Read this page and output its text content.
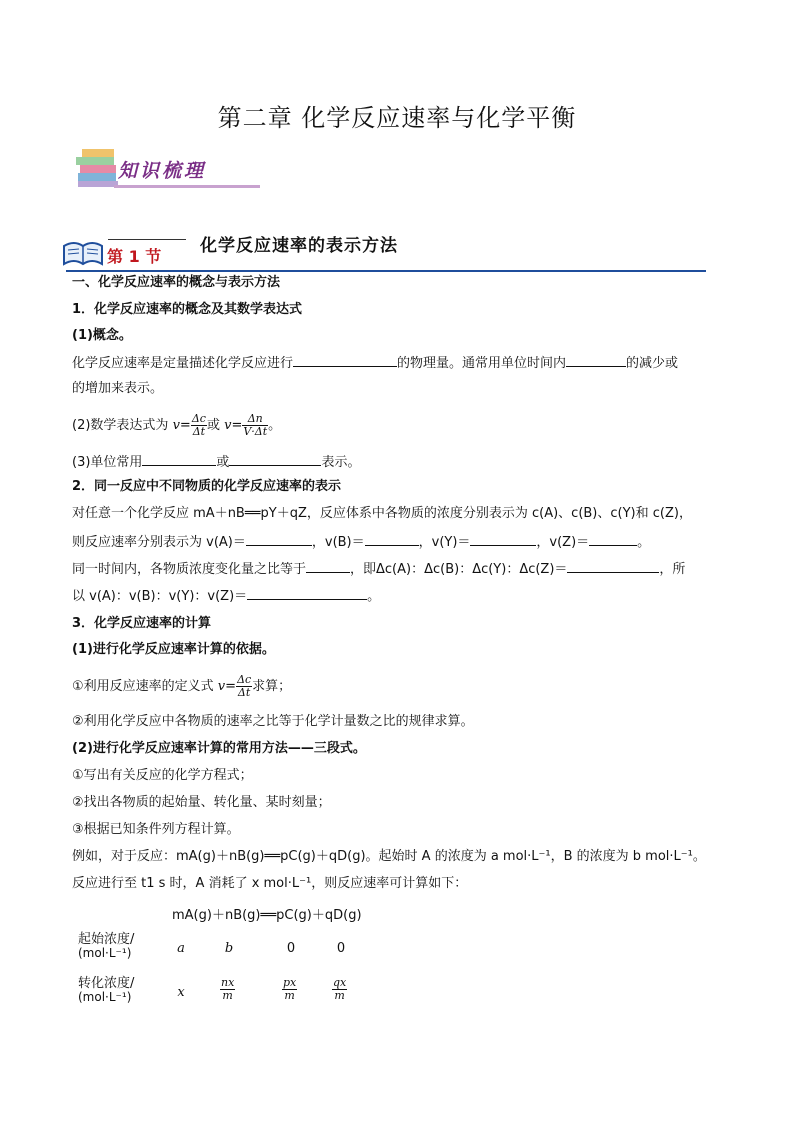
第二章 化学反应速率与化学平衡
知识梳理
第 1 节
化学反应速率的表示方法
一、化学反应速率的概念与表示方法
1．化学反应速率的概念及其数学表达式
(1)概念。
化学反应速率是定量描述化学反应进行	的物理量。通常用单位时间内	的减少或
的增加来表示。
(2)数学表达式为 $v= \frac{\Delta c}{\Delta t}$ 或 $v= \frac{\Delta n}{V\cdot\Delta t}$ 。
(3)单位常用	或	表示。
2．同一反应中不同物质的化学反应速率的表示
对任意一个化学反应 mA＋nB══pY＋qZ，反应体系中各物质的浓度分别表示为 c(A)、c(B)、c(Y)和 c(Z)，
则反应速率分别表示为 v(A)＝	，v(B)＝	，v(Y)＝	，v(Z)＝	。
同一时间内，各物质浓度变化量之比等于	，即Δc(A)：Δc(B)：Δc(Y)：Δc(Z)＝	，所
以 v(A)：v(B)：v(Y)：v(Z)＝	。
3．化学反应速率的计算
(1)进行化学反应速率计算的依据。
①利用反应速率的定义式 $v= \frac{\Delta c}{\Delta t}$ 求算；
②利用化学反应中各物质的速率之比等于化学计量数之比的规律求算。
(2)进行化学反应速率计算的常用方法——三段式。
①写出有关反应的化学方程式；
②找出各物质的起始量、转化量、某时刻量；
③根据已知条件列方程计算。
例如，对于反应：mA(g)＋nB(g)══pC(g)＋qD(g)。起始时 A 的浓度为 a mol·L⁻¹，B 的浓度为 b mol·L⁻¹。
反应进行至 t1 s 时，A 消耗了 x mol·L⁻¹，则反应速率可计算如下：
mA(g)＋nB(g)══pC(g)＋qD(g)
起始浓度/
(mol·L⁻¹)	a	b	0	0
转化浓度/
(mol·L⁻¹)	x	$\frac{nx}{m}$	$\frac{px}{m}$	$\frac{qx}{m}$
